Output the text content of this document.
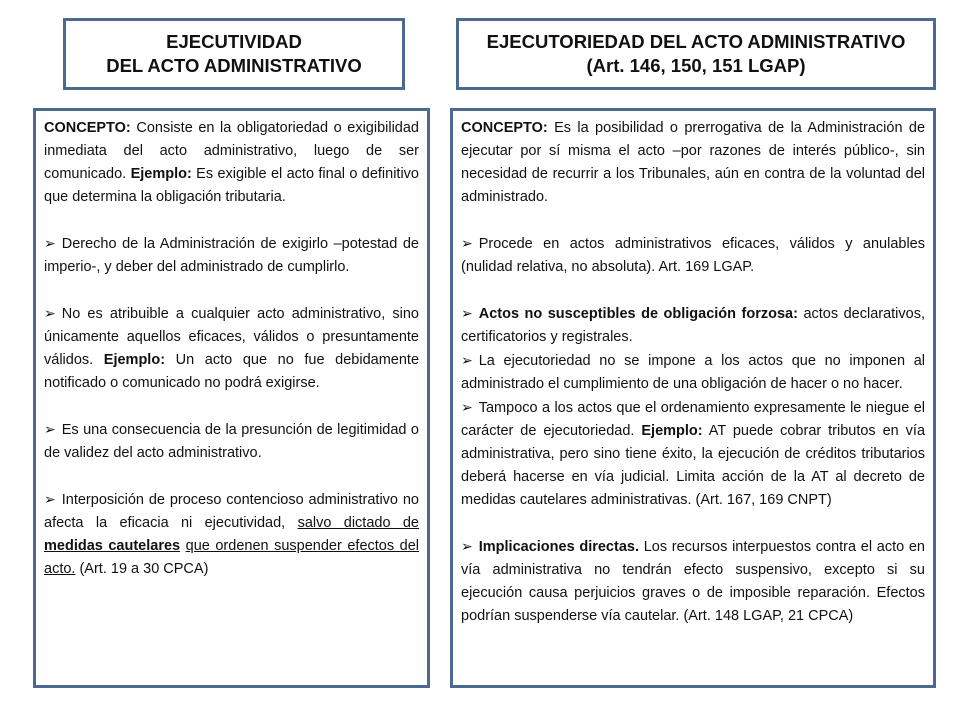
EJECUTIVIDAD
DEL ACTO ADMINISTRATIVO
EJECUTORIEDAD DEL ACTO ADMINISTRATIVO
(Art. 146, 150, 151 LGAP)

CONCEPTO: Consiste en la obligatoriedad o exigibilidad inmediata del acto administrativo, luego de ser comunicado. Ejemplo: Es exigible el acto final o definitivo que determina la obligación tributaria.

➢ Derecho de la Administración de exigirlo –potestad de imperio-, y deber del administrado de cumplirlo.

➢ No es atribuible a cualquier acto administrativo, sino únicamente aquellos eficaces, válidos o presuntamente válidos. Ejemplo: Un acto que no fue debidamente notificado o comunicado no podrá exigirse.

➢ Es una consecuencia de la presunción de legitimidad o de validez del acto administrativo.

➢ Interposición de proceso contencioso administrativo no afecta la eficacia ni ejecutividad, salvo dictado de medidas cautelares que ordenen suspender efectos del acto. (Art. 19 a 30 CPCA)

CONCEPTO: Es la posibilidad o prerrogativa de la Administración de ejecutar por sí misma el acto –por razones de interés público-, sin necesidad de recurrir a los Tribunales, aún en contra de la voluntad del administrado.

➢ Procede en actos administrativos eficaces, válidos y anulables (nulidad relativa, no absoluta). Art. 169 LGAP.

➢ Actos no susceptibles de obligación forzosa: actos declarativos, certificatorios y registrales.

➢ La ejecutoriedad no se impone a los actos que no imponen al administrado el cumplimiento de una obligación de hacer o no hacer.

➢ Tampoco a los actos que el ordenamiento expresamente le niegue el carácter de ejecutoriedad. Ejemplo: AT puede cobrar tributos en vía administrativa, pero sino tiene éxito, la ejecución de créditos tributarios deberá hacerse en vía judicial. Limita acción de la AT al decreto de medidas cautelares administrativas. (Art. 167, 169 CNPT)

➢ Implicaciones directas. Los recursos interpuestos contra el acto en vía administrativa no tendrán efecto suspensivo, excepto si su ejecución causa perjuicios graves o de imposible reparación. Efectos podrían suspenderse vía cautelar. (Art. 148 LGAP, 21 CPCA)
